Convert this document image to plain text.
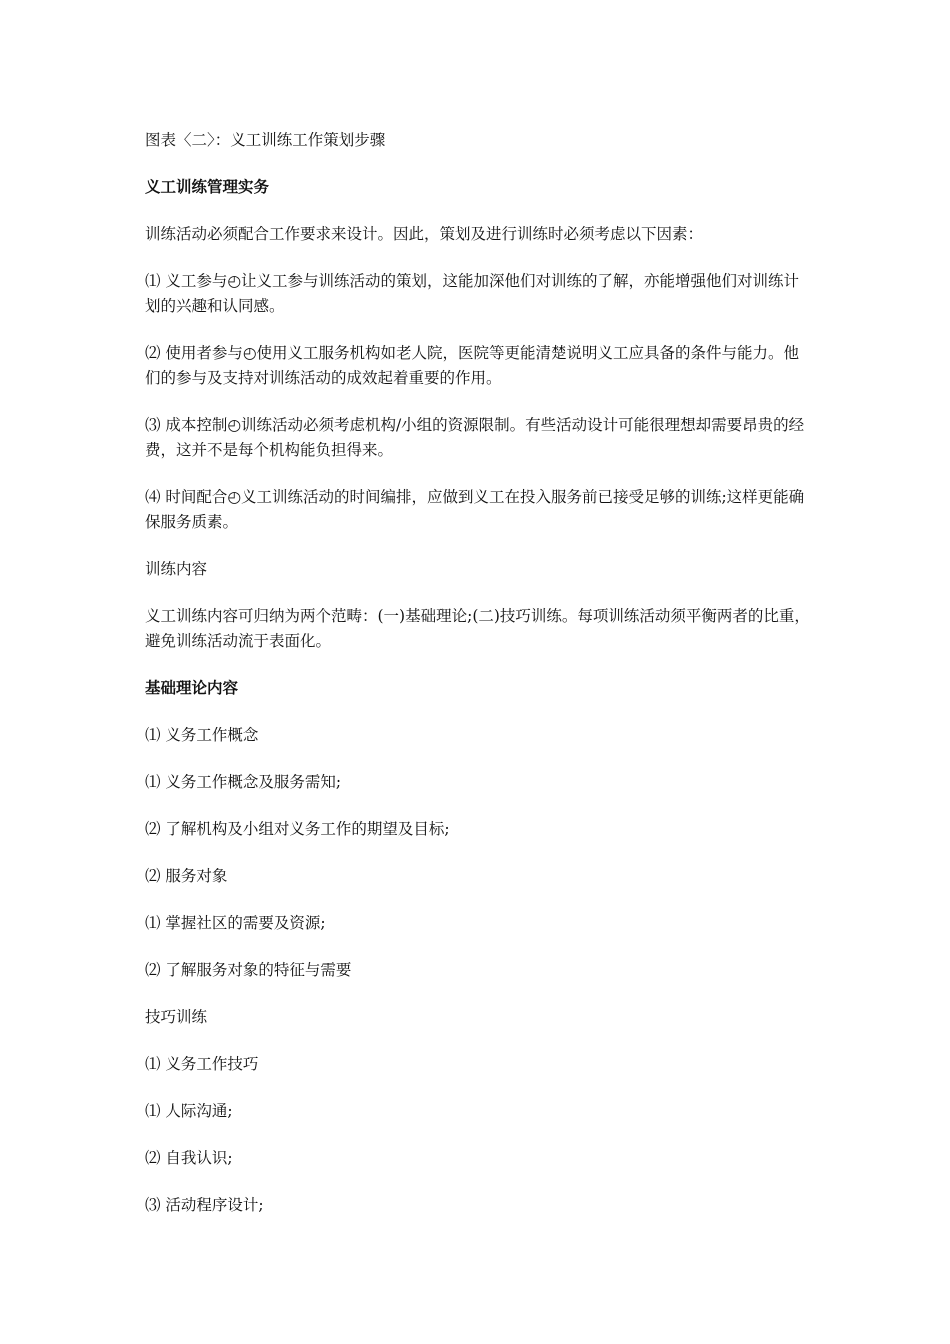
图表〈二〉：义工训练工作策划步骤

义工训练管理实务

训练活动必须配合工作要求来设计。因此，策划及进行训练时必须考虑以下因素：

⑴ 义工参与◴让义工参与训练活动的策划，这能加深他们对训练的了解，亦能增强他们对训练计划的兴趣和认同感。

⑵ 使用者参与◴使用义工服务机构如老人院，医院等更能清楚说明义工应具备的条件与能力。他们的参与及支持对训练活动的成效起着重要的作用。

⑶ 成本控制◴训练活动必须考虑机构/小组的资源限制。有些活动设计可能很理想却需要昂贵的经费，这并不是每个机构能负担得来。

⑷ 时间配合◴义工训练活动的时间编排，应做到义工在投入服务前已接受足够的训练;这样更能确保服务质素。

训练内容

义工训练内容可归纳为两个范畴：(一)基础理论;(二)技巧训练。每项训练活动须平衡两者的比重，避免训练活动流于表面化。

基础理论内容

⑴ 义务工作概念

⑴ 义务工作概念及服务需知;

⑵ 了解机构及小组对义务工作的期望及目标;

⑵ 服务对象

⑴ 掌握社区的需要及资源;

⑵ 了解服务对象的特征与需要

技巧训练

⑴ 义务工作技巧

⑴ 人际沟通;

⑵ 自我认识;

⑶ 活动程序设计;
